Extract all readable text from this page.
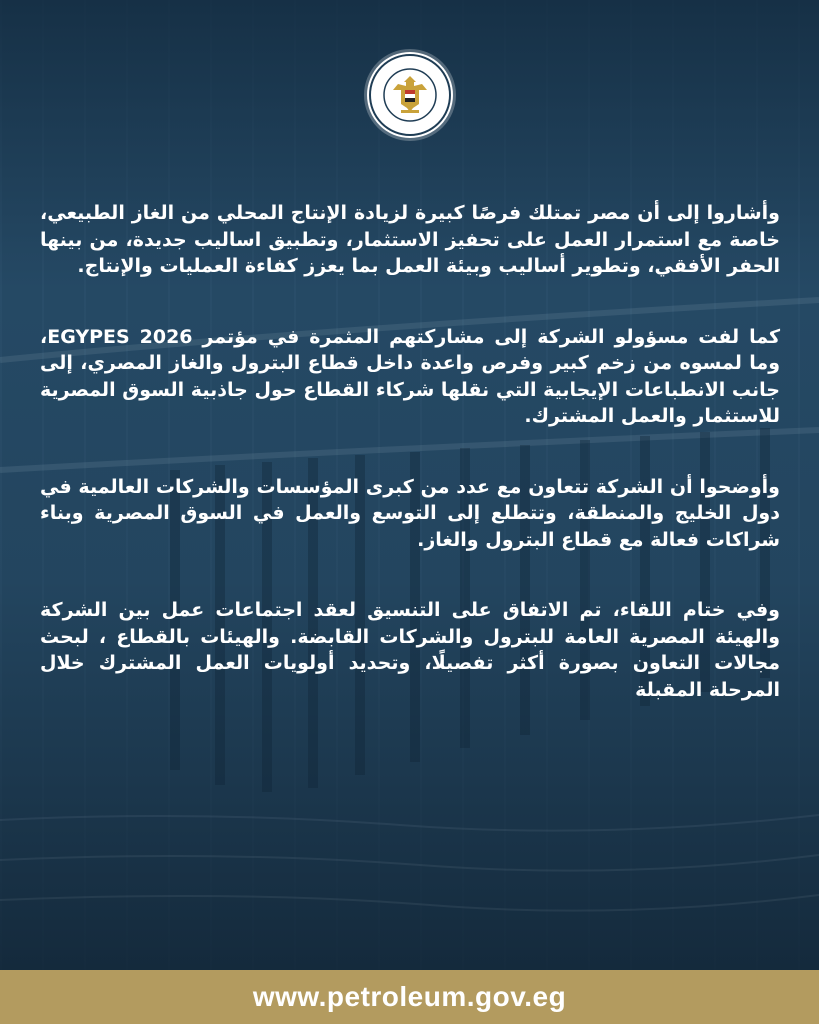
وأشاروا إلى أن مصر تمتلك فرصًا كبيرة لزيادة الإنتاج المحلي من الغاز الطبيعي، خاصة مع استمرار العمل على تحفيز الاستثمار، وتطبيق اساليب جديدة، من بينها الحفر الأفقي، وتطوير أساليب وبيئة العمل بما يعزز كفاءة العمليات والإنتاج.

كما لفت مسؤولو الشركة إلى مشاركتهم المثمرة في مؤتمر EGYPES 2026، وما لمسوه من زخم كبير وفرص واعدة داخل قطاع البترول والغاز المصري، إلى جانب الانطباعات الإيجابية التي نقلها شركاء القطاع حول جاذبية السوق المصرية للاستثمار والعمل المشترك.

وأوضحوا أن الشركة تتعاون مع عدد من كبرى المؤسسات والشركات العالمية في دول الخليج والمنطقة، وتتطلع إلى التوسع والعمل في السوق المصرية وبناء شراكات فعالة مع قطاع البترول والغاز.

وفي ختام اللقاء، تم الاتفاق على التنسيق لعقد اجتماعات عمل بين الشركة والهيئة المصرية العامة للبترول والشركات القابضة. والهيئات بالقطاع ، لبحث مجالات التعاون بصورة أكثر تفصيلًا، وتحديد أولويات العمل المشترك خلال المرحلة المقبلة

www.petroleum.gov.eg
